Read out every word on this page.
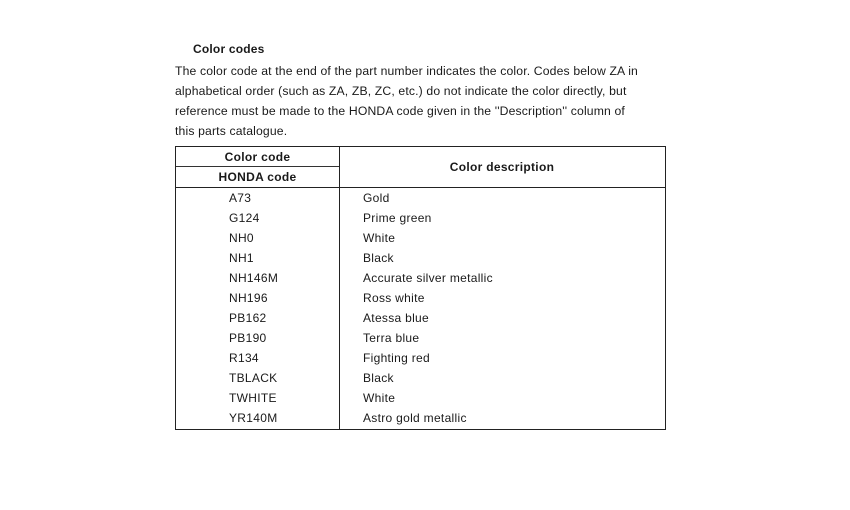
Color codes
The color code at the end of the part number indicates the color. Codes below ZA in
alphabetical order (such as ZA, ZB, ZC, etc.) do not indicate the color directly, but
reference must be made to the HONDA code given in the ''Description'' column of
this parts catalogue.
Color code
HONDA code
Color description
A73	Gold
G124	Prime green
NH0	White
NH1	Black
NH146M	Accurate silver metallic
NH196	Ross white
PB162	Atessa blue
PB190	Terra blue
R134	Fighting red
TBLACK	Black
TWHITE	White
YR140M	Astro gold metallic
